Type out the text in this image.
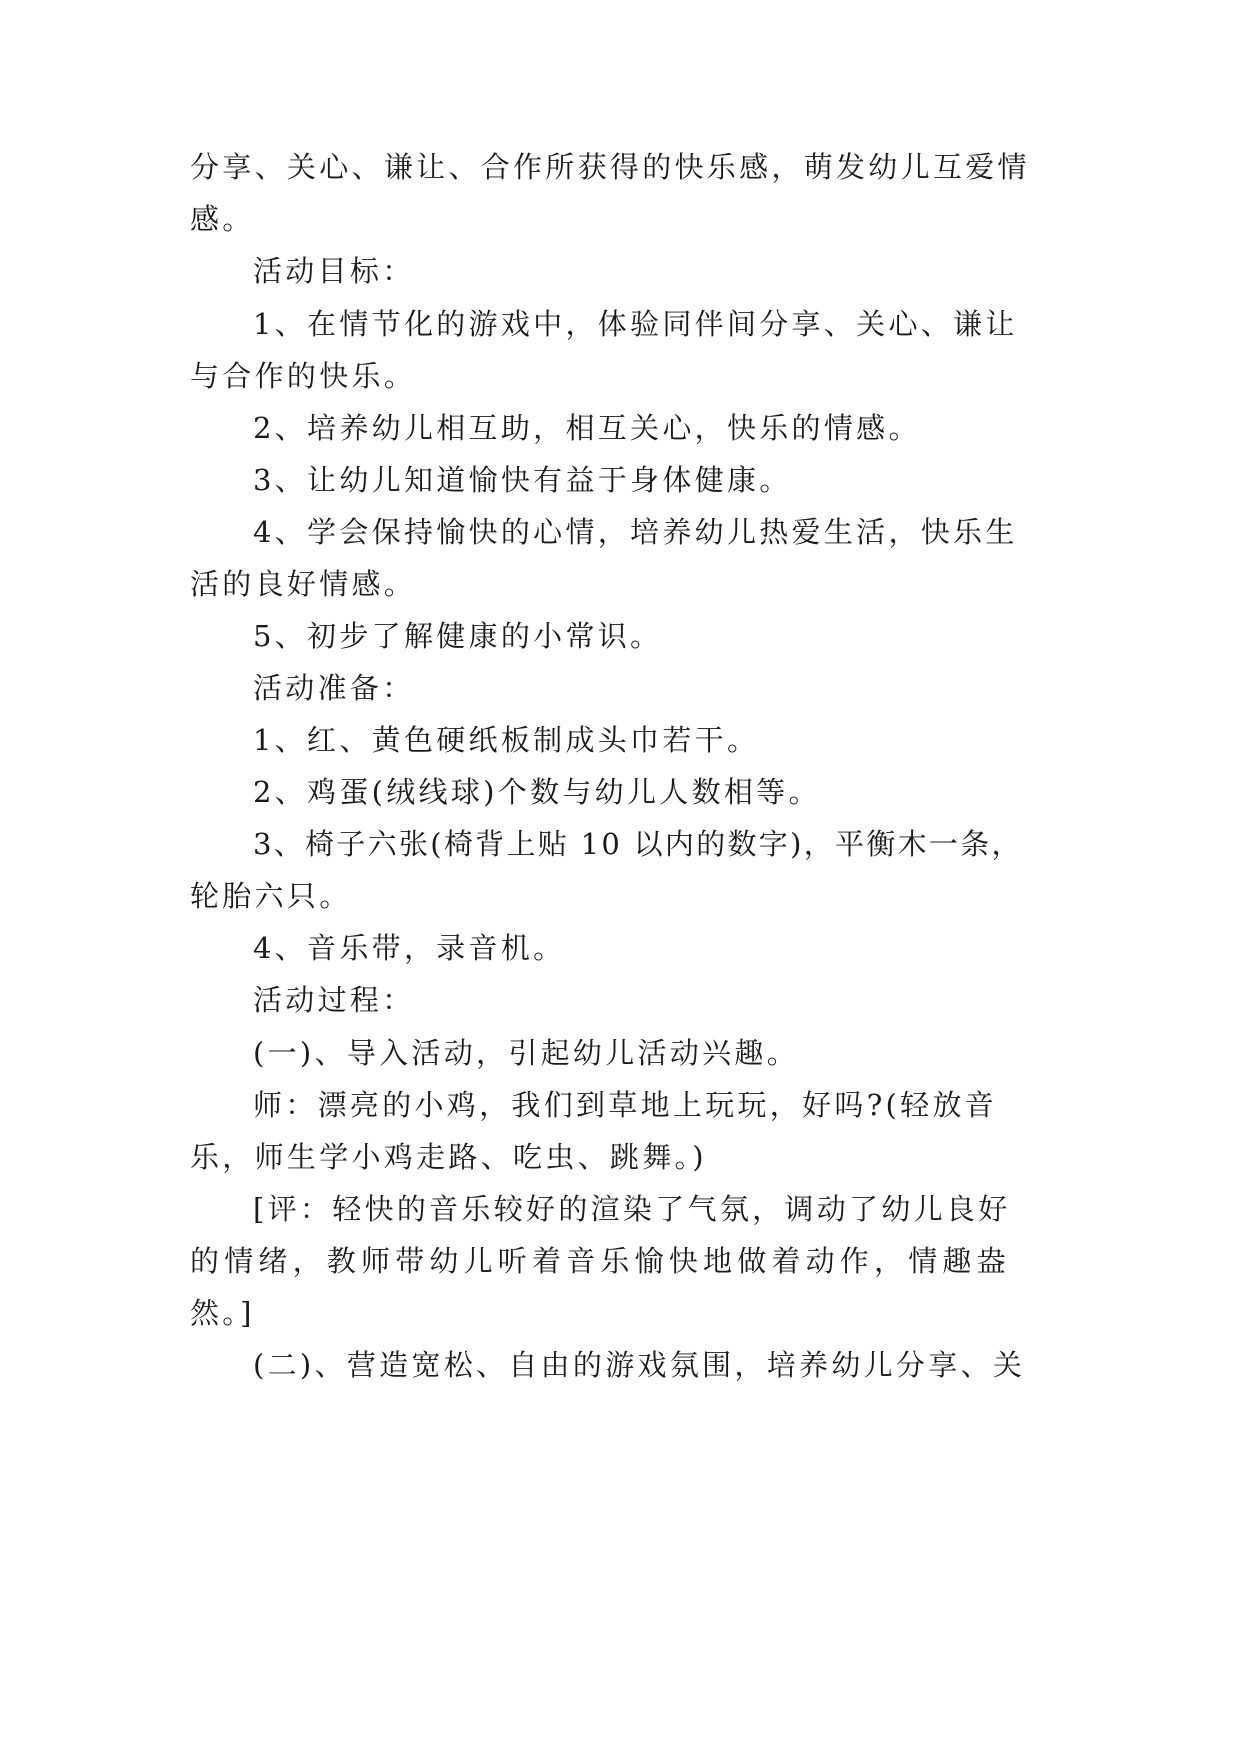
分享、关心、谦让、合作所获得的快乐感，萌发幼儿互爱情
感。
活动目标：
1、在情节化的游戏中，体验同伴间分享、关心、谦让
与合作的快乐。
2、培养幼儿相互助，相互关心，快乐的情感。
3、让幼儿知道愉快有益于身体健康。
4、学会保持愉快的心情，培养幼儿热爱生活，快乐生
活的良好情感。
5、初步了解健康的小常识。
活动准备：
1、红、黄色硬纸板制成头巾若干。
2、鸡蛋(绒线球)个数与幼儿人数相等。
3、椅子六张(椅背上贴 10 以内的数字)，平衡木一条，
轮胎六只。
4、音乐带，录音机。
活动过程：
(一)、导入活动，引起幼儿活动兴趣。
师：漂亮的小鸡，我们到草地上玩玩，好吗?(轻放音
乐，师生学小鸡走路、吃虫、跳舞。)
[评：轻快的音乐较好的渲染了气氛，调动了幼儿良好
的情绪，教师带幼儿听着音乐愉快地做着动作，情趣盎
然。]
(二)、营造宽松、自由的游戏氛围，培养幼儿分享、关
